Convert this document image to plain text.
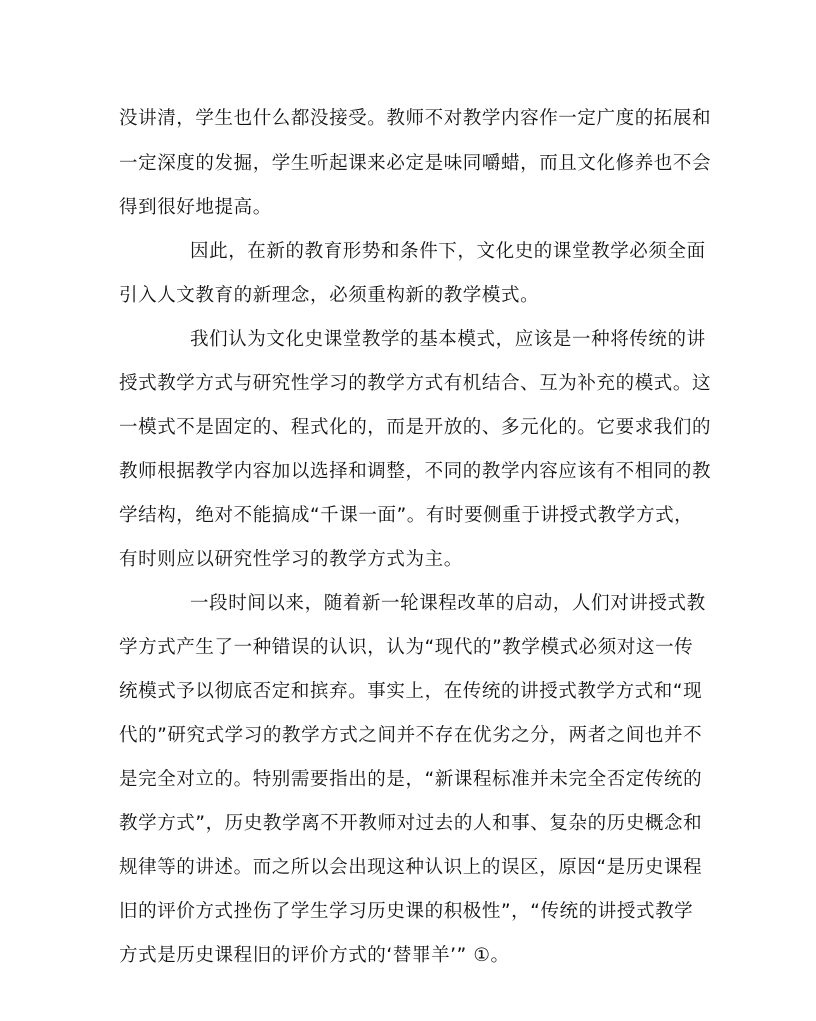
没讲清，学生也什么都没接受。教师不对教学内容作一定广度的拓展和
一定深度的发掘，学生听起课来必定是味同嚼蜡，而且文化修养也不会
得到很好地提高。
因此，在新的教育形势和条件下，文化史的课堂教学必须全面
引入人文教育的新理念，必须重构新的教学模式。
我们认为文化史课堂教学的基本模式，应该是一种将传统的讲
授式教学方式与研究性学习的教学方式有机结合、互为补充的模式。这
一模式不是固定的、程式化的，而是开放的、多元化的。它要求我们的
教师根据教学内容加以选择和调整，不同的教学内容应该有不相同的教
学结构，绝对不能搞成“千课一面”。有时要侧重于讲授式教学方式，
有时则应以研究性学习的教学方式为主。
一段时间以来，随着新一轮课程改革的启动，人们对讲授式教
学方式产生了一种错误的认识，认为“现代的”教学模式必须对这一传
统模式予以彻底否定和摈弃。事实上，在传统的讲授式教学方式和“现
代的”研究式学习的教学方式之间并不存在优劣之分，两者之间也并不
是完全对立的。特别需要指出的是，“新课程标准并未完全否定传统的
教学方式”，历史教学离不开教师对过去的人和事、复杂的历史概念和
规律等的讲述。而之所以会出现这种认识上的误区，原因“是历史课程
旧的评价方式挫伤了学生学习历史课的积极性”，“传统的讲授式教学
方式是历史课程旧的评价方式的‘替罪羊’” ①。
